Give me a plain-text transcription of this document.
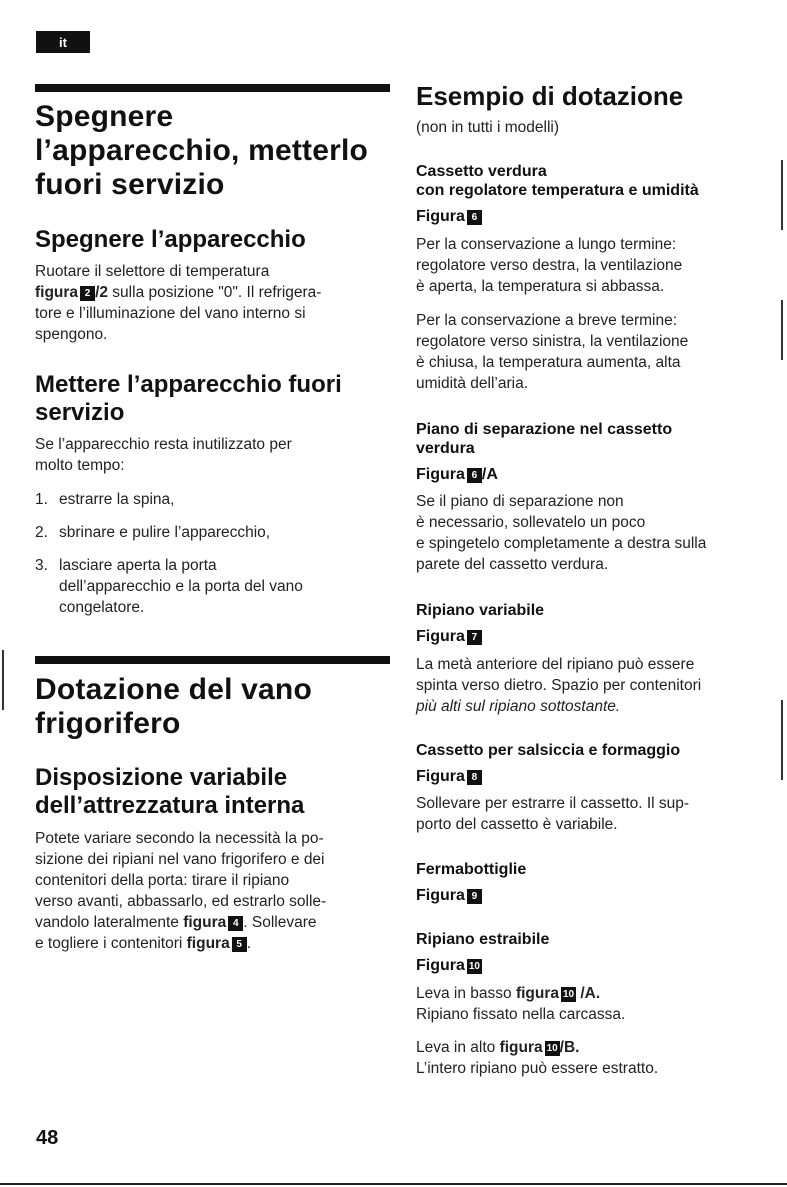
it
Spegnere
l’apparecchio, metterlo
fuori servizio
Spegnere l’apparecchio
Ruotare il selettore di temperatura
figura 2 /2 sulla posizione "0". Il refrigera-
tore e l’illuminazione del vano interno si
spengono.
Mettere l’apparecchio fuori
servizio
Se l’apparecchio resta inutilizzato per
molto tempo:
1. estrarre la spina,
2. sbrinare e pulire l’apparecchio,
3. lasciare aperta la porta
dell’apparecchio e la porta del vano
congelatore.
Dotazione del vano
frigorifero
Disposizione variabile
dell’attrezzatura interna
Potete variare secondo la necessità la po-
sizione dei ripiani nel vano frigorifero e dei
contenitori della porta: tirare il ripiano
verso avanti, abbassarlo, ed estrarlo solle-
vandolo lateralmente figura 4 . Sollevare
e togliere i contenitori figura 5 .
Esempio di dotazione
(non in tutti i modelli)
Cassetto verdura
con regolatore temperatura e umidità
Figura 6
Per la conservazione a lungo termine:
regolatore verso destra, la ventilazione
è aperta, la temperatura si abbassa.
Per la conservazione a breve termine:
regolatore verso sinistra, la ventilazione
è chiusa, la temperatura aumenta, alta
umidità dell’aria.
Piano di separazione nel cassetto
verdura
Figura 6 /A
Se il piano di separazione non
è necessario, sollevatelo un poco
e spingetelo completamente a destra sulla
parete del cassetto verdura.
Ripiano variabile
Figura 7
La metà anteriore del ripiano può essere
spinta verso dietro. Spazio per contenitori
più alti sul ripiano sottostante.
Cassetto per salsiccia e formaggio
Figura 8
Sollevare per estrarre il cassetto. Il sup-
porto del cassetto è variabile.
Fermabottiglie
Figura 9
Ripiano estraibile
Figura 10
Leva in basso figura 10 /A.
Ripiano fissato nella carcassa.
Leva in alto figura 10 /B.
L’intero ripiano può essere estratto.
48
